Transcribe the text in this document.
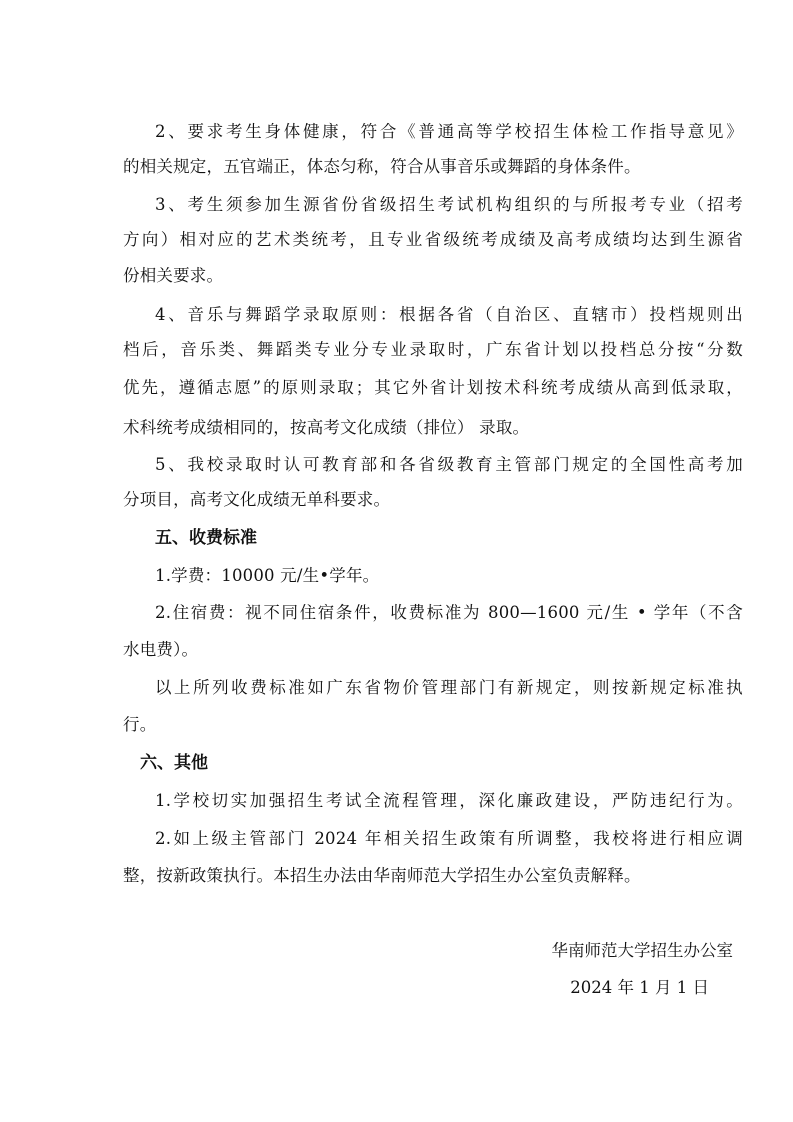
2、要求考生身体健康，符合《普通高等学校招生体检工作指导意见》
的相关规定，五官端正，体态匀称，符合从事音乐或舞蹈的身体条件。
3、考生须参加生源省份省级招生考试机构组织的与所报考专业（招考
方向）相对应的艺术类统考，且专业省级统考成绩及高考成绩均达到生源省
份相关要求。
4、音乐与舞蹈学录取原则：根据各省（自治区、直辖市）投档规则出
档后，音乐类、舞蹈类专业分专业录取时，广东省计划以投档总分按“分数
优先，遵循志愿”的原则录取；其它外省计划按术科统考成绩从高到低录取，
术科统考成绩相同的，按高考文化成绩（排位） 录取。
5、我校录取时认可教育部和各省级教育主管部门规定的全国性高考加
分项目，高考文化成绩无单科要求。
五、收费标准
1.学费：10000 元/生•学年。
2.住宿费：视不同住宿条件，收费标准为 800—1600 元/生 • 学年（不含
水电费）。
以上所列收费标准如广东省物价管理部门有新规定，则按新规定标准执
行。
六、其他
1.学校切实加强招生考试全流程管理，深化廉政建设，严防违纪行为。
2.如上级主管部门 2024 年相关招生政策有所调整，我校将进行相应调
整，按新政策执行。本招生办法由华南师范大学招生办公室负责解释。
华南师范大学招生办公室
2024 年 1 月 1 日
